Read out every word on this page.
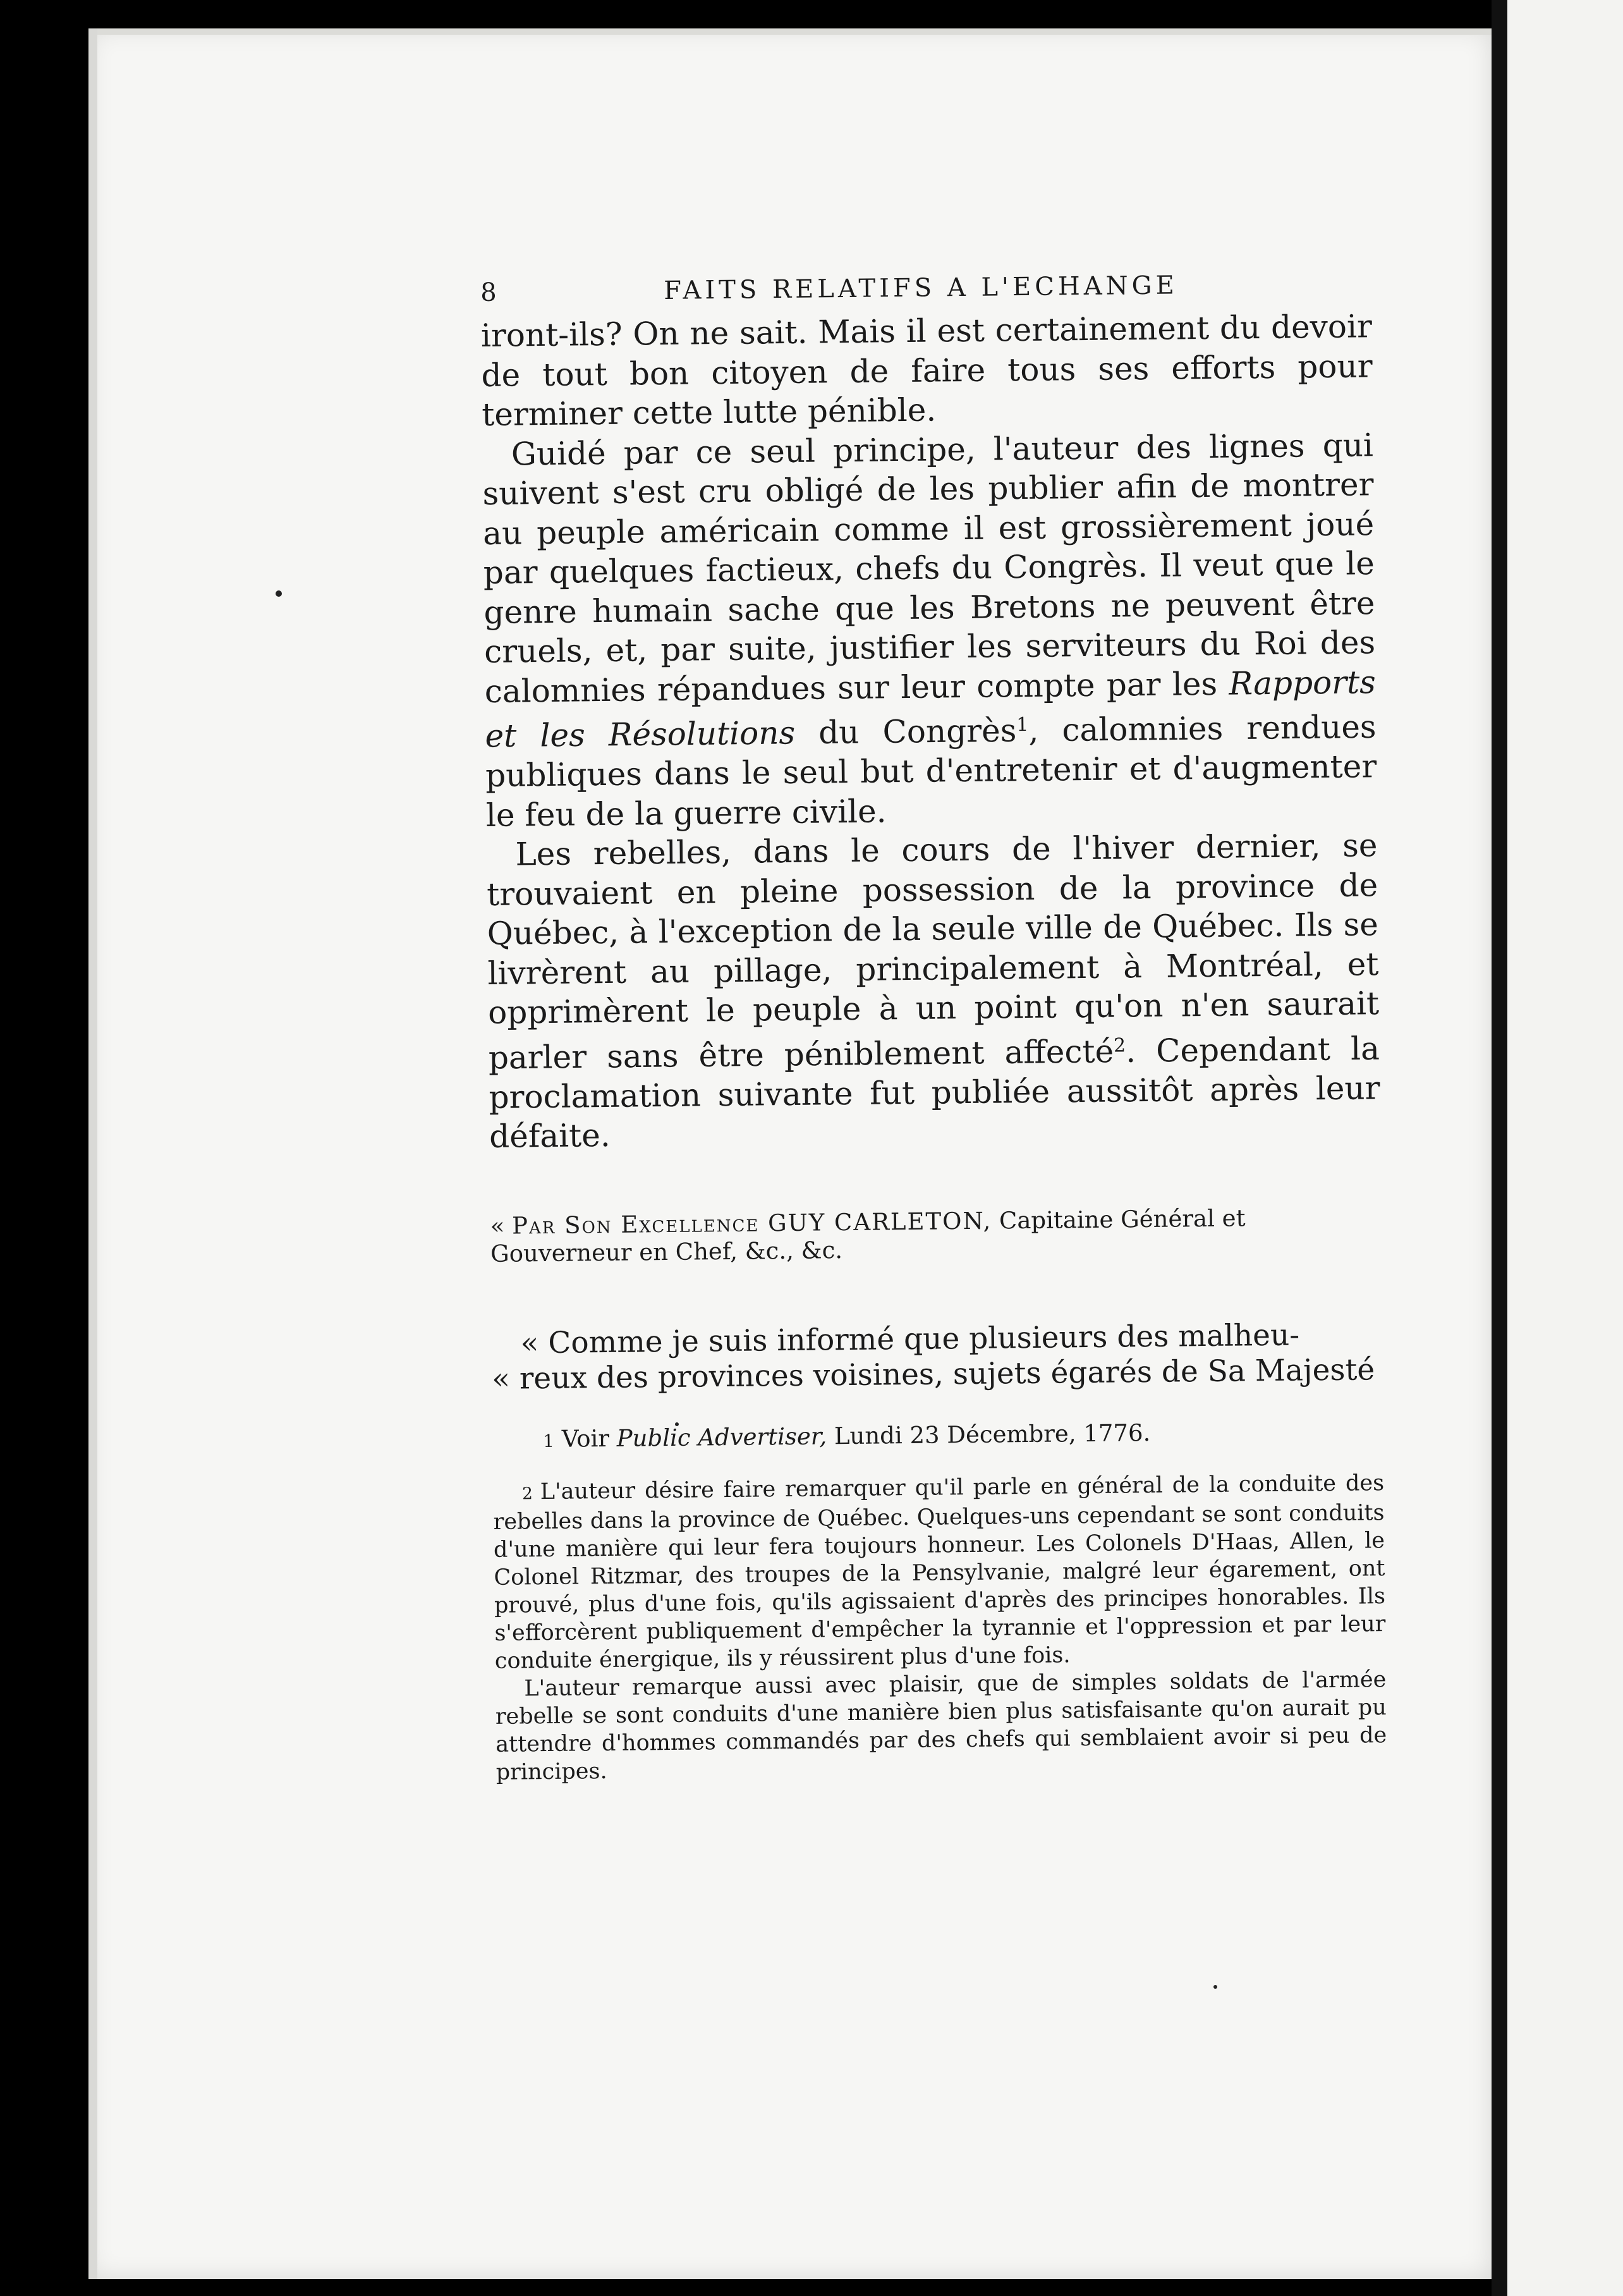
8	FAITS RELATIFS A L'ECHANGE

iront-ils? On ne sait. Mais il est certainement du devoir de tout bon citoyen de faire tous ses efforts pour terminer cette lutte pénible.

Guidé par ce seul principe, l'auteur des lignes qui suivent s'est cru obligé de les publier afin de montrer au peuple américain comme il est grossièrement joué par quelques factieux, chefs du Congrès. Il veut que le genre humain sache que les Bretons ne peuvent être cruels, et, par suite, justifier les serviteurs du Roi des calomnies répandues sur leur compte par les Rapports et les Résolutions du Congrès$^1$, calomnies rendues publiques dans le seul but d'entretenir et d'augmenter le feu de la guerre civile.

Les rebelles, dans le cours de l'hiver dernier, se trouvaient en pleine possession de la province de Québec, à l'exception de la seule ville de Québec. Ils se livrèrent au pillage, principalement à Montréal, et opprimèrent le peuple à un point qu'on n'en saurait parler sans être péniblement affecté$^2$. Cependant la proclamation suivante fut publiée aussitôt après leur défaite.

« Par Son Excellence GUY CARLETON, Capitaine Général et Gouverneur en Chef, &c., &c.

« Comme je suis informé que plusieurs des malheu-

« reux des provinces voisines, sujets égarés de Sa Majesté

1 Voir Public Advertiser, Lundi 23 Décembre, 1776.

2 L'auteur désire faire remarquer qu'il parle en général de la conduite des rebelles dans la province de Québec. Quelques-uns cependant se sont conduits d'une manière qui leur fera toujours honneur. Les Colonels D'Haas, Allen, le Colonel Ritzmar, des troupes de la Pensylvanie, malgré leur égarement, ont prouvé, plus d'une fois, qu'ils agissaient d'après des principes honorables. Ils s'efforcèrent publiquement d'empêcher la tyrannie et l'oppression et par leur conduite énergique, ils y réussirent plus d'une fois.

L'auteur remarque aussi avec plaisir, que de simples soldats de l'armée rebelle se sont conduits d'une manière bien plus satisfaisante qu'on aurait pu attendre d'hommes commandés par des chefs qui semblaient avoir si peu de principes.
